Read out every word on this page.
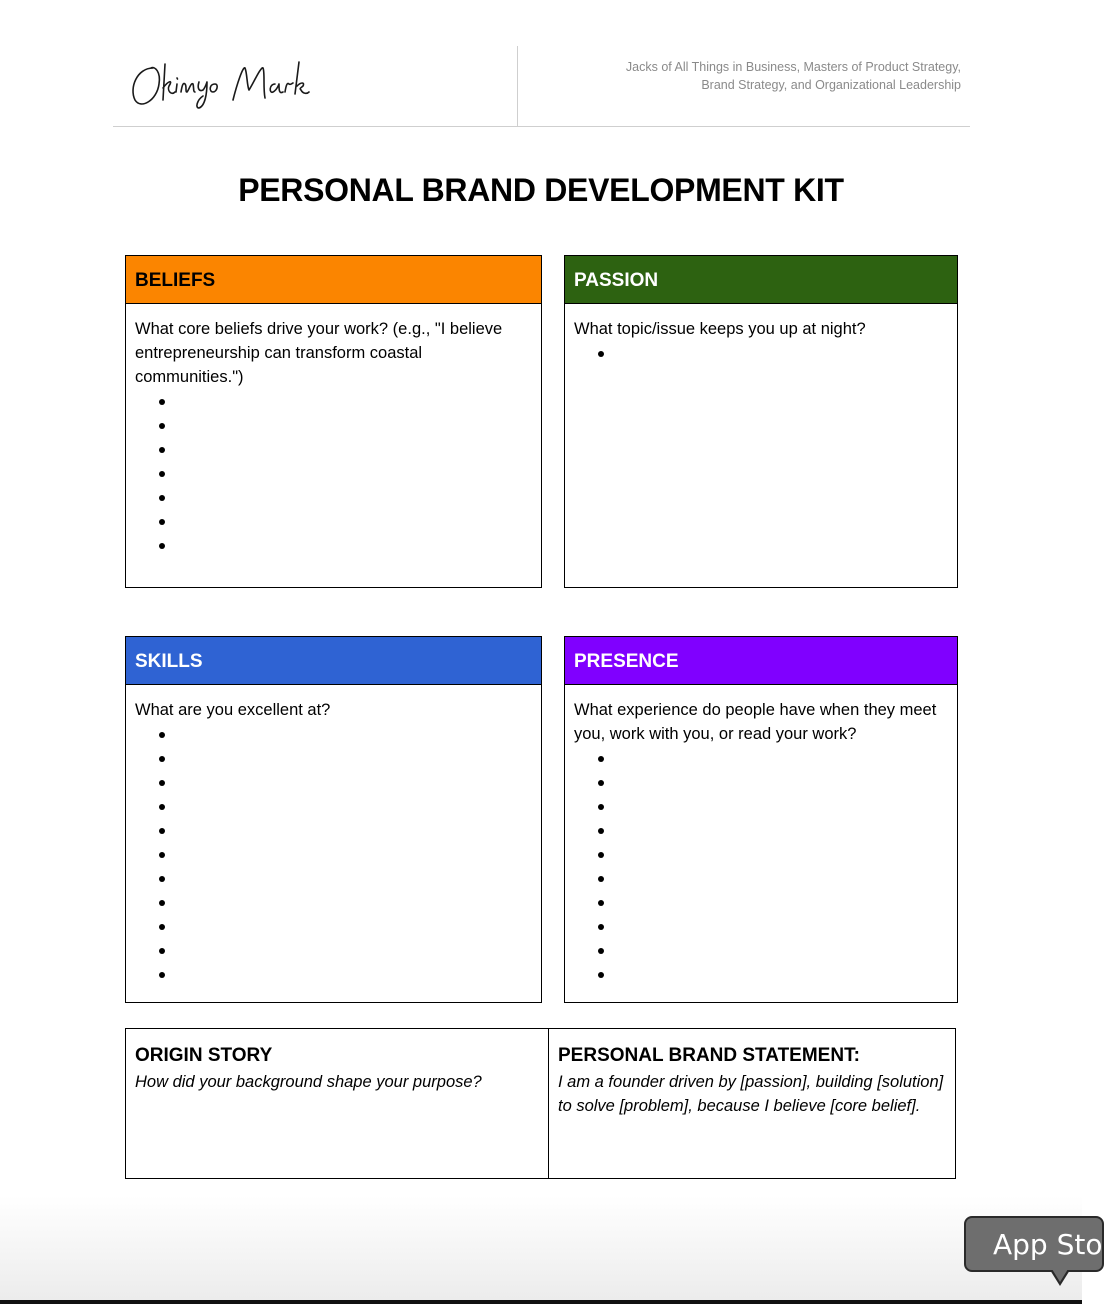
Jacks of All Things in Business, Masters of Product Strategy,
Brand Strategy, and Organizational Leadership
PERSONAL BRAND DEVELOPMENT KIT
BELIEFS
What core beliefs drive your work? (e.g., "I believe entrepreneurship can transform coastal communities.")
•
•
•
•
•
•
•
PASSION
What topic/issue keeps you up at night?
•
SKILLS
What are you excellent at?
•
•
•
•
•
•
•
•
•
•
•
PRESENCE
What experience do people have when they meet you, work with you, or read your work?
•
•
•
•
•
•
•
•
•
•
ORIGIN STORY
How did your background shape your purpose?
PERSONAL BRAND STATEMENT:
I am a founder driven by [passion], building [solution] to solve [problem], because I believe [core belief].
App Sto
